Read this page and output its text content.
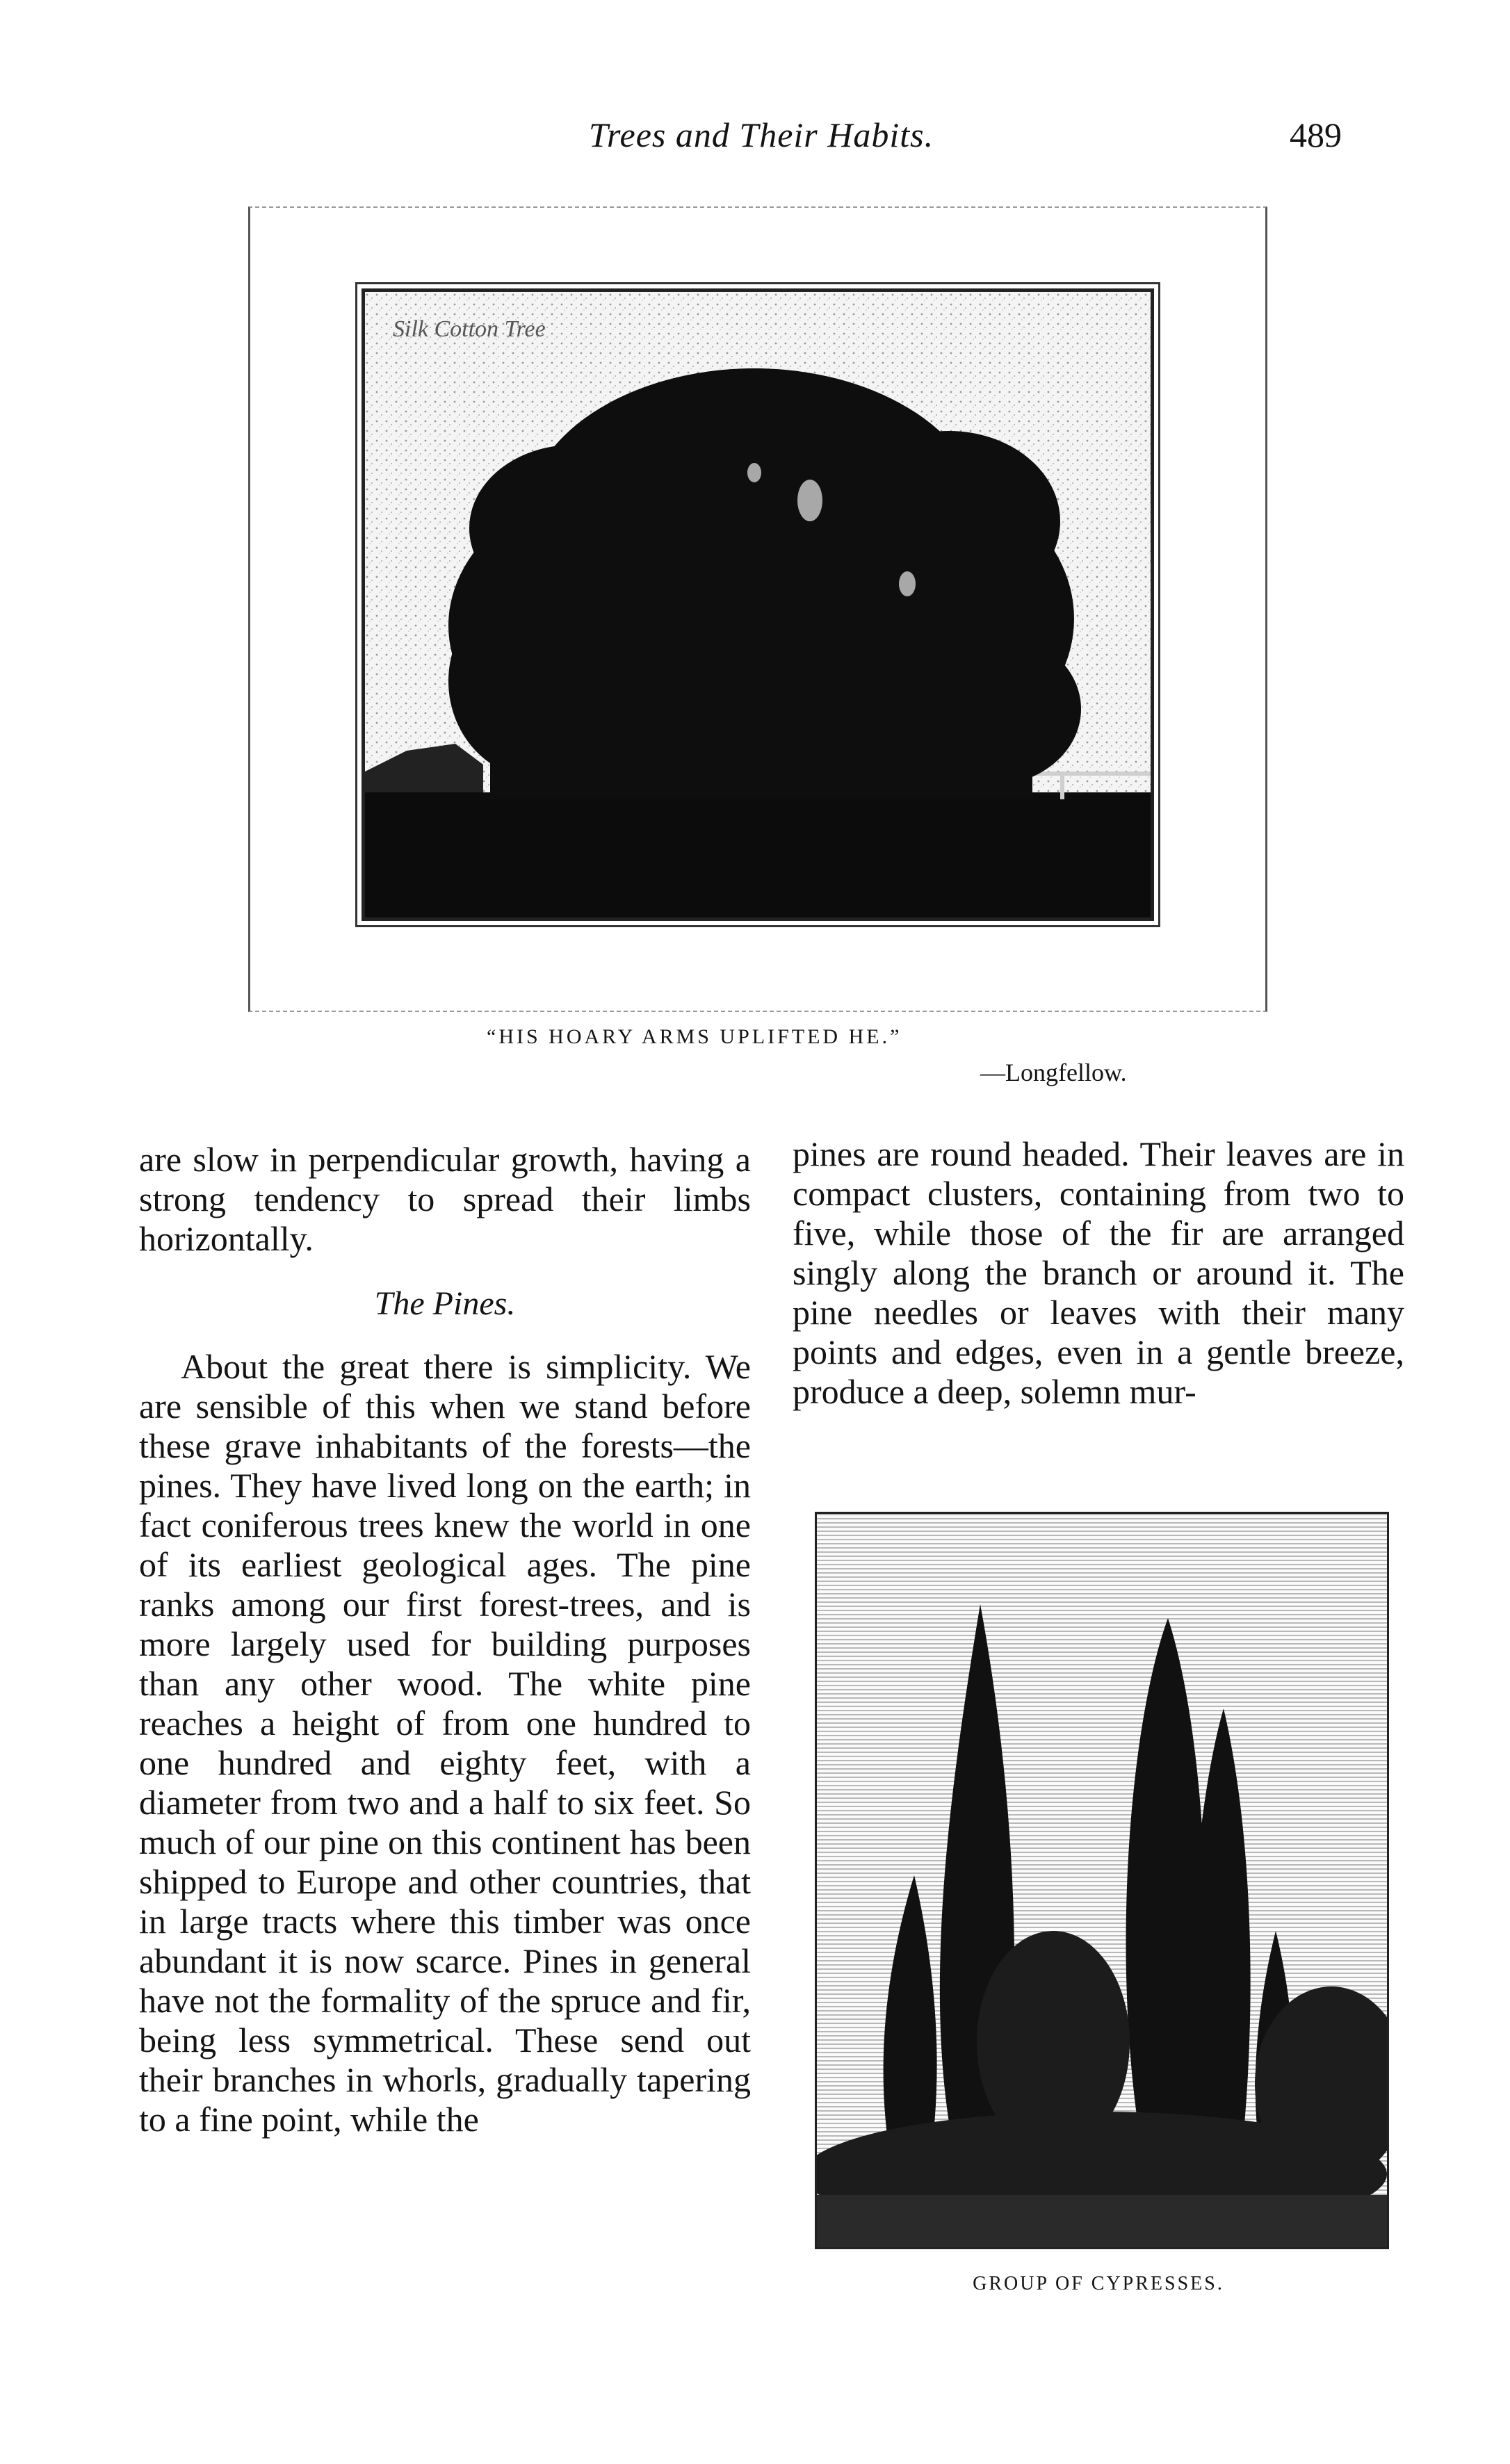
Trees and Their Habits.	489
Silk Cotton Tree
“HIS HOARY ARMS UPLIFTED HE.”
—Longfellow.

are slow in perpendicular growth, having a strong tendency to spread their limbs horizontally.

The Pines.

About the great there is simplicity. We are sensible of this when we stand before these grave inhabitants of the forests—the pines. They have lived long on the earth; in fact coniferous trees knew the world in one of its earliest geological ages. The pine ranks among our first forest-trees, and is more largely used for building purposes than any other wood. The white pine reaches a height of from one hundred to one hundred and eighty feet, with a diameter from two and a half to six feet. So much of our pine on this continent has been shipped to Europe and other countries, that in large tracts where this timber was once abundant it is now scarce. Pines in general have not the formality of the spruce and fir, being less symmetrical. These send out their branches in whorls, gradually tapering to a fine point, while the

pines are round headed. Their leaves are in compact clusters, containing from two to five, while those of the fir are arranged singly along the branch or around it. The pine needles or leaves with their many points and edges, even in a gentle breeze, produce a deep, solemn mur-

GROUP OF CYPRESSES.
